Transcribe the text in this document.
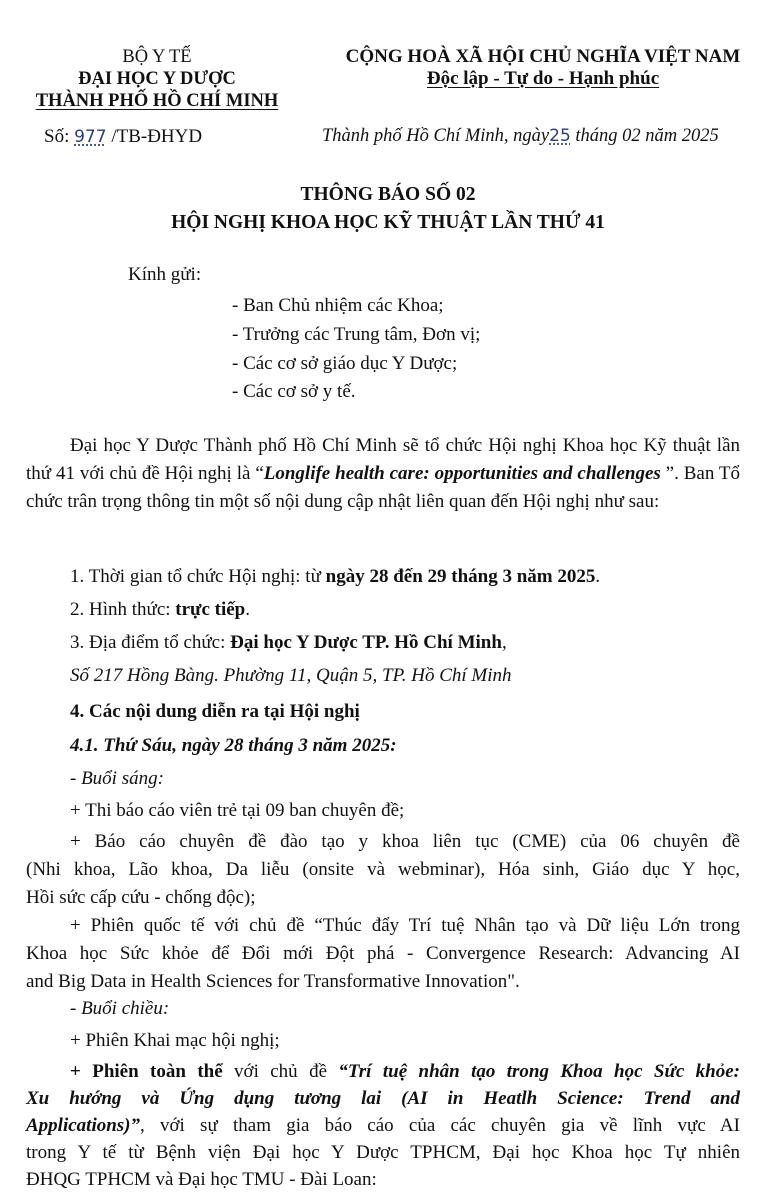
BỘ Y TẾ
ĐẠI HỌC Y DƯỢC
THÀNH PHỐ HỒ CHÍ MINH
Số: 977 /TB-ĐHYD
CỘNG HOÀ XÃ HỘI CHỦ NGHĨA VIỆT NAM
Độc lập - Tự do - Hạnh phúc
Thành phố Hồ Chí Minh, ngày25 tháng 02 năm 2025
THÔNG BÁO SỐ 02
HỘI NGHỊ KHOA HỌC KỸ THUẬT LẦN THỨ 41
Kính gửi:
- Ban Chủ nhiệm các Khoa;
- Trưởng các Trung tâm, Đơn vị;
- Các cơ sở giáo dục Y Dược;
- Các cơ sở y tế.
Đại học Y Dược Thành phố Hồ Chí Minh sẽ tổ chức Hội nghị Khoa học Kỹ thuật lần thứ 41 với chủ đề Hội nghị là “Longlife health care: opportunities and challenges ”. Ban Tổ chức trân trọng thông tin một số nội dung cập nhật liên quan đến Hội nghị như sau:
1. Thời gian tổ chức Hội nghị: từ ngày 28 đến 29 tháng 3 năm 2025.
2. Hình thức: trực tiếp.
3. Địa điểm tổ chức: Đại học Y Dược TP. Hồ Chí Minh,
Số 217 Hồng Bàng. Phường 11, Quận 5, TP. Hồ Chí Minh
4. Các nội dung diễn ra tại Hội nghị
4.1. Thứ Sáu, ngày 28 tháng 3 năm 2025:
- Buổi sáng:
+ Thi báo cáo viên trẻ tại 09 ban chuyên đề;
+ Báo cáo chuyên đề đào tạo y khoa liên tục (CME) của 06 chuyên đề
(Nhi khoa, Lão khoa, Da liễu (onsite và webminar), Hóa sinh, Giáo dục Y học,
Hồi sức cấp cứu - chống độc);
+ Phiên quốc tế với chủ đề “Thúc đẩy Trí tuệ Nhân tạo và Dữ liệu Lớn trong
Khoa học Sức khỏe để Đổi mới Đột phá - Convergence Research: Advancing AI
and Big Data in Health Sciences for Transformative Innovation".
- Buổi chiều:
+ Phiên Khai mạc hội nghị;
+ Phiên toàn thể với chủ đề “Trí tuệ nhân tạo trong Khoa học Sức khỏe:
Xu hướng và Ứng dụng tương lai (AI in Heatlh Science: Trend and
Applications)”, với sự tham gia báo cáo của các chuyên gia về lĩnh vực AI
trong Y tế từ Bệnh viện Đại học Y Dược TPHCM, Đại học Khoa học Tự nhiên
ĐHQG TPHCM và Đại học TMU - Đài Loan:
